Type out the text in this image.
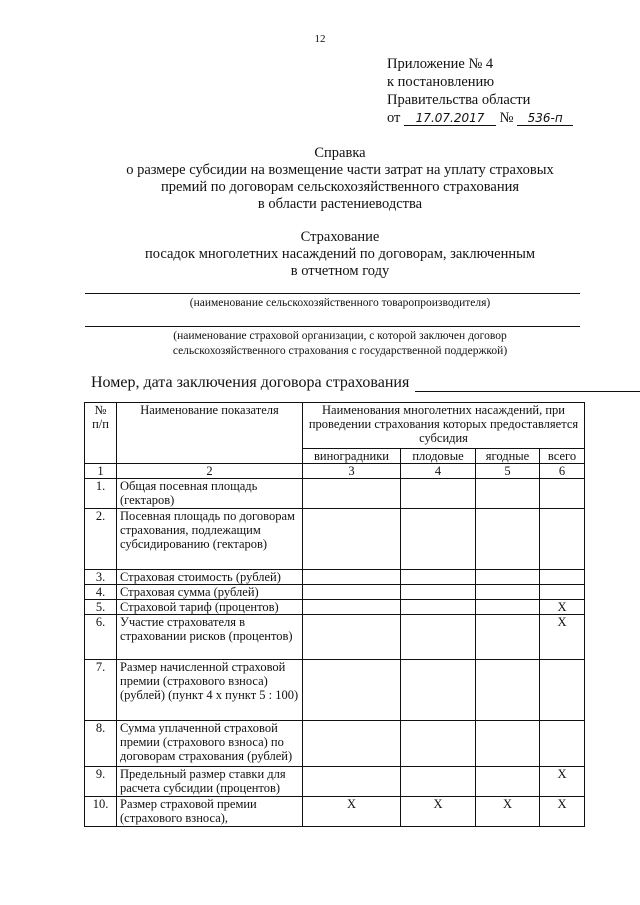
12
Приложение № 4
к постановлению
Правительства области
от 17.07.2017 № 536-п
Справка
о размере субсидии на возмещение части затрат на уплату страховых
премий по договорам сельскохозяйственного страхования
в области растениеводства
Страхование
посадок многолетних насаждений по договорам, заключенным
в отчетном году
(наименование сельскохозяйственного товаропроизводителя)
(наименование страховой организации, с которой заключен договор
сельскохозяйственного страхования с государственной поддержкой)
Номер, дата заключения договора страхования
№ п/п	Наименование показателя	Наименования многолетних насаждений, при проведении страхования которых предоставляется субсидия			
		виноградники	плодовые	ягодные	всего
1	2	3	4	5	6
1.	Общая посевная площадь (гектаров)				
2.	Посевная площадь по договорам страхования, подлежащим субсидированию (гектаров)				
3.	Страховая стоимость (рублей)				
4.	Страховая сумма (рублей)				
5.	Страховой тариф (процентов)				X
6.	Участие страхователя в страховании рисков (процентов)				X
7.	Размер начисленной страховой премии (страхового взноса) (рублей) (пункт 4 х пункт 5 : 100)				
8.	Сумма уплаченной страховой премии (страхового взноса) по договорам страхования (рублей)				
9.	Предельный размер ставки для расчета субсидии (процентов)				X
10.	Размер страховой премии (страхового взноса),	X	X	X	X
